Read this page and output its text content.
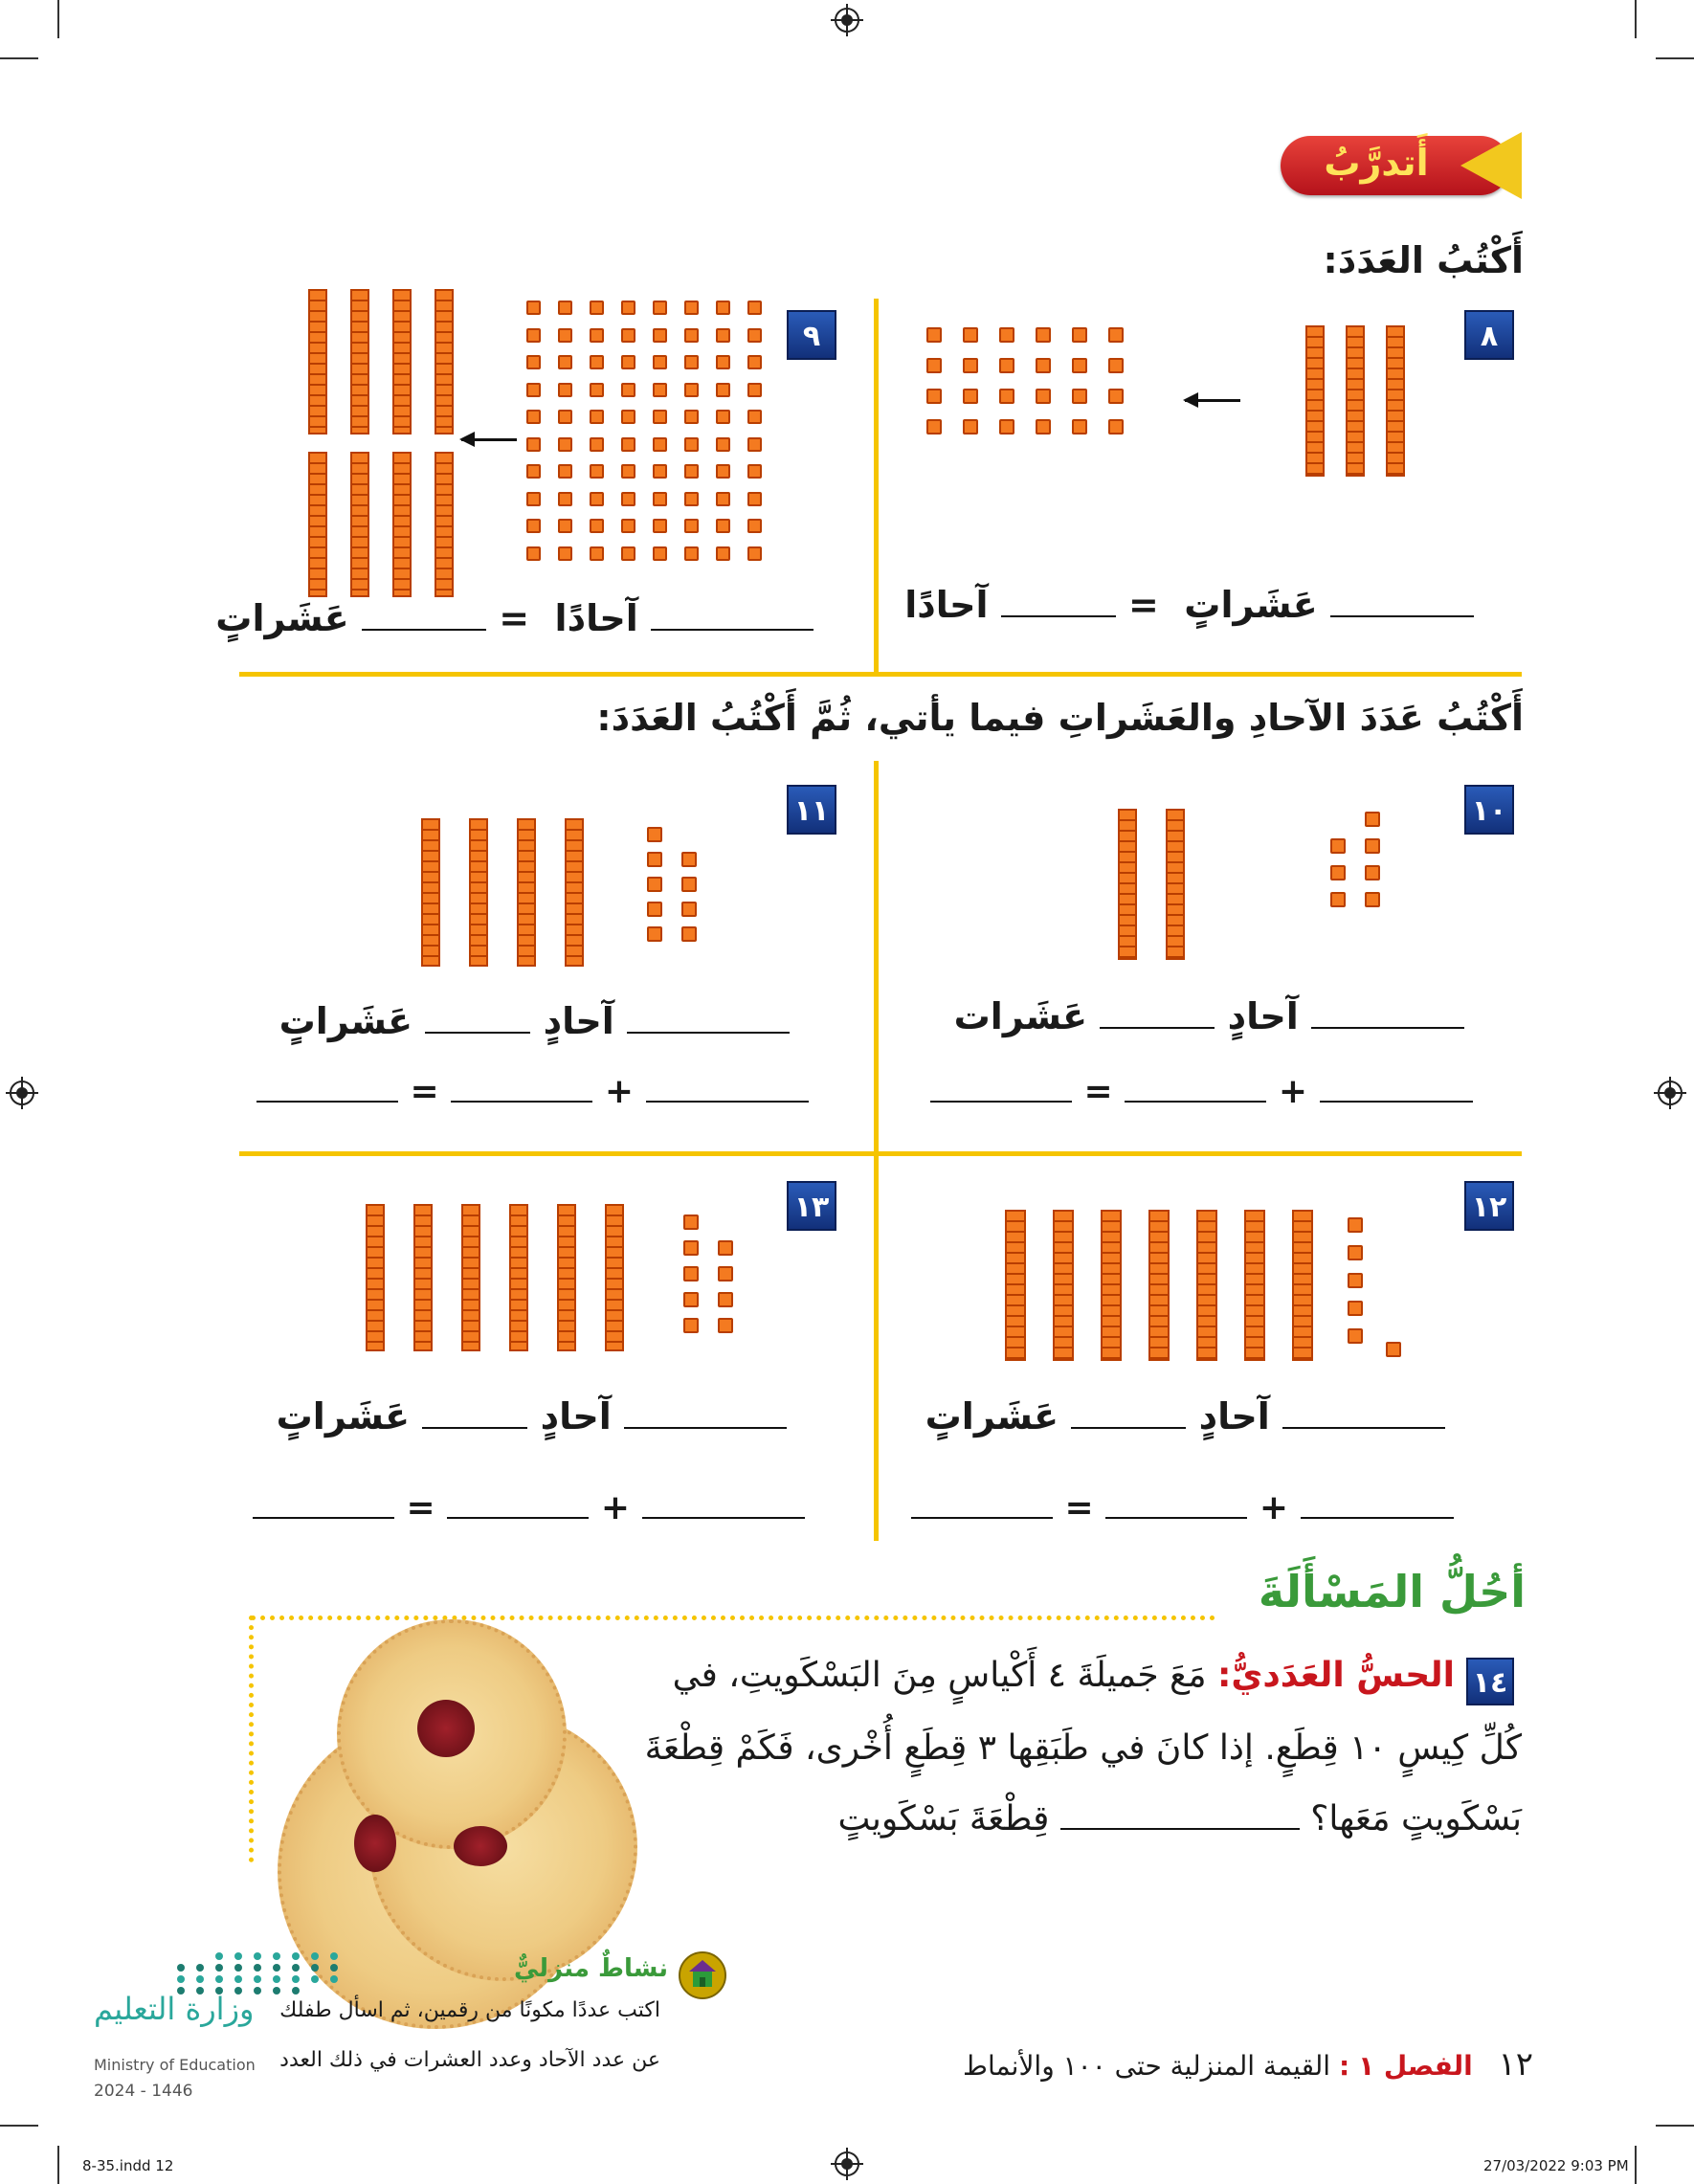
أَتدرَّبُ
أَكْتُبُ العَدَدَ:
٨
عَشَراتٍ  =  آحادًا
٩
آحادًا  =  عَشَراتٍ
أَكْتُبُ عَدَدَ الآحادِ والعَشَراتِ فيما يأتي، ثُمَّ أَكْتُبُ العَدَدَ:
١٠
آحادٍ  عَشَرات
=	+
١١
آحادٍ  عَشَراتٍ
=	+
١٢
آحادٍ  عَشَراتٍ
=	+
١٣
آحادٍ  عَشَراتٍ
=	+
أحُلُّ المَسْأَلَةَ
١٤
الحسُّ العَدَديُّ: مَعَ جَميلَةَ ٤ أَكْياسٍ مِنَ البَسْكَويتِ، في
كُلِّ كِيسٍ ١٠ قِطَعٍ. إذا كانَ في طَبَقِها ٣ قِطَعٍ أُخْرى، فَكَمْ قِطْعَةَ
بَسْكَويتٍ مَعَها؟  قِطْعَةَ بَسْكَويتٍ
نشاطٌ منزليٌّ
اكتب عددًا مكونًا من رقمين، ثم اسأل طفلك
عن عدد الآحاد وعدد العشرات في ذلك العدد
وزارة التعليم
Ministry of Education
2024 - 1446
١٢   الفصل ١ : القيمة المنزلية حتى ١٠٠ والأنماط
8-35.indd 12	27/03/2022 9:03 PM
